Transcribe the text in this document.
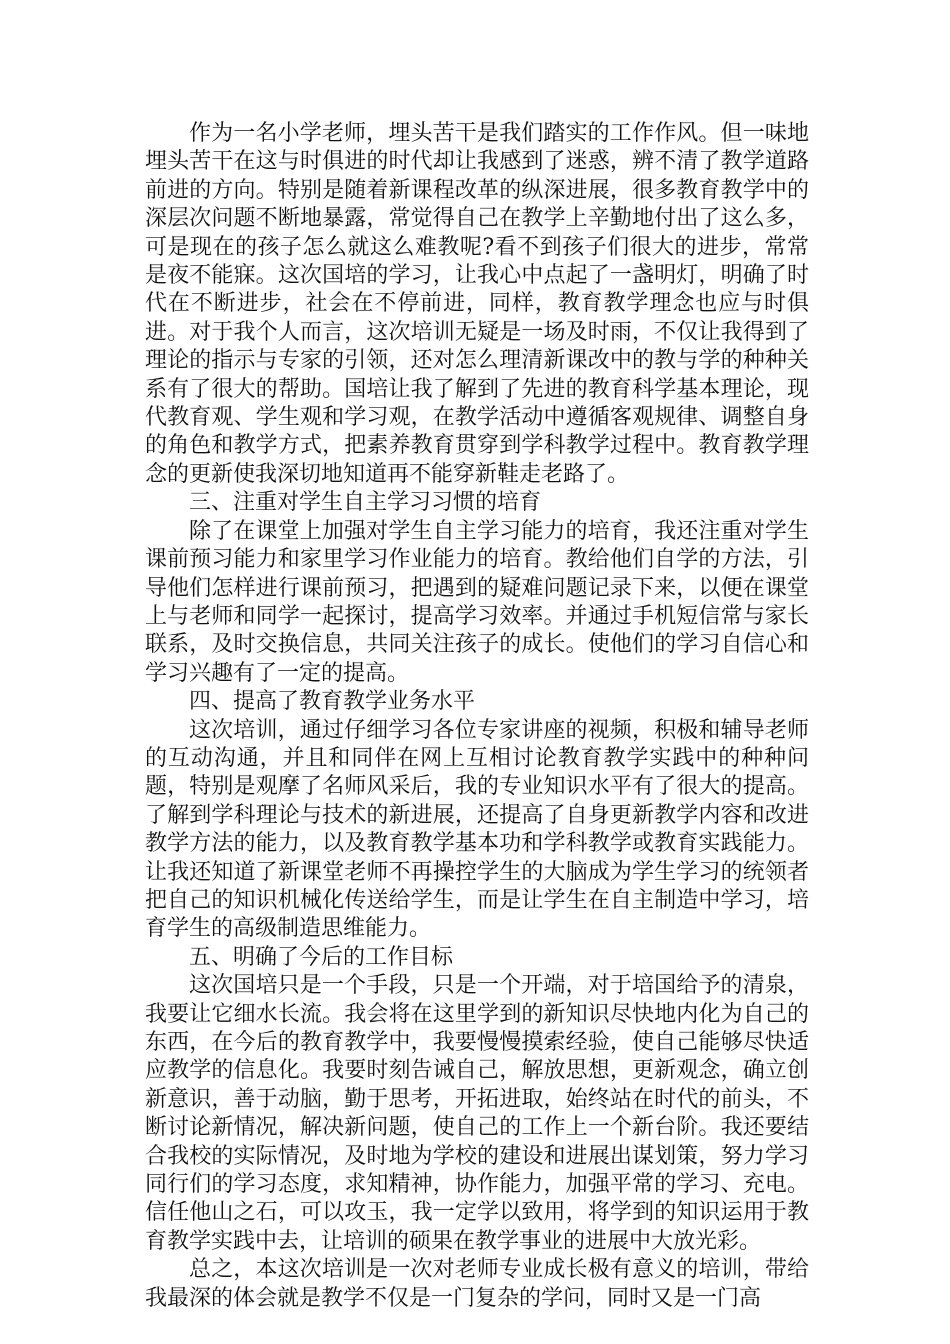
作为一名小学老师，埋头苦干是我们踏实的工作作风。但一味地埋头苦干在这与时俱进的时代却让我感到了迷惑，辨不清了教学道路前进的方向。特别是随着新课程改革的纵深进展，很多教育教学中的深层次问题不断地暴露，常觉得自己在教学上辛勤地付出了这么多，可是现在的孩子怎么就这么难教呢?看不到孩子们很大的进步，常常是夜不能寐。这次国培的学习，让我心中点起了一盏明灯，明确了时代在不断进步，社会在不停前进，同样，教育教学理念也应与时俱进。对于我个人而言，这次培训无疑是一场及时雨，不仅让我得到了理论的指示与专家的引领，还对怎么理清新课改中的教与学的种种关系有了很大的帮助。国培让我了解到了先进的教育科学基本理论，现代教育观、学生观和学习观，在教学活动中遵循客观规律、调整自身的角色和教学方式，把素养教育贯穿到学科教学过程中。教育教学理念的更新使我深切地知道再不能穿新鞋走老路了。

三、注重对学生自主学习习惯的培育

除了在课堂上加强对学生自主学习能力的培育，我还注重对学生课前预习能力和家里学习作业能力的培育。教给他们自学的方法，引导他们怎样进行课前预习，把遇到的疑难问题记录下来，以便在课堂上与老师和同学一起探讨，提高学习效率。并通过手机短信常与家长联系，及时交换信息，共同关注孩子的成长。使他们的学习自信心和学习兴趣有了一定的提高。

四、提高了教育教学业务水平

这次培训，通过仔细学习各位专家讲座的视频，积极和辅导老师的互动沟通，并且和同伴在网上互相讨论教育教学实践中的种种问题，特别是观摩了名师风采后，我的专业知识水平有了很大的提高。了解到学科理论与技术的新进展，还提高了自身更新教学内容和改进教学方法的能力，以及教育教学基本功和学科教学或教育实践能力。让我还知道了新课堂老师不再操控学生的大脑成为学生学习的统领者把自己的知识机械化传送给学生，而是让学生在自主制造中学习，培育学生的高级制造思维能力。

五、明确了今后的工作目标

这次国培只是一个手段，只是一个开端，对于培国给予的清泉，我要让它细水长流。我会将在这里学到的新知识尽快地内化为自己的东西，在今后的教育教学中，我要慢慢摸索经验，使自己能够尽快适应教学的信息化。我要时刻告诫自己，解放思想，更新观念，确立创新意识，善于动脑，勤于思考，开拓进取，始终站在时代的前头，不断讨论新情况，解决新问题，使自己的工作上一个新台阶。我还要结合我校的实际情况，及时地为学校的建设和进展出谋划策，努力学习同行们的学习态度，求知精神，协作能力，加强平常的学习、充电。信任他山之石，可以攻玉，我一定学以致用，将学到的知识运用于教育教学实践中去，让培训的硕果在教学事业的进展中大放光彩。

总之，本这次培训是一次对老师专业成长极有意义的培训，带给我最深的体会就是教学不仅是一门复杂的学问，同时又是一门高
